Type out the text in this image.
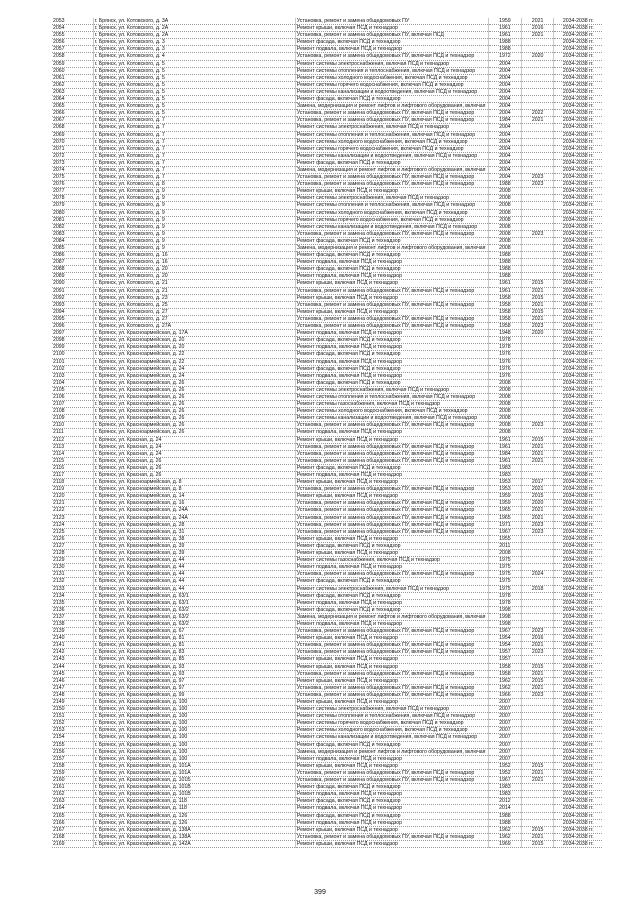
2053	г. Брянск, ул. Котовского, д. 3А	Установка, ремонт и замена общедомовых ПУ	1959	2021	2034-2038 гг.
2054	г. Брянск, ул. Котовского, д. 2А	Ремонт крыши, включая ПСД и технадзор	1961	2016	2034-2038 гг.
2055	г. Брянск, ул. Котовского, д. 2А	Установка, ремонт и замена общедомовых ПУ, включая ПСД	1961	2021	2034-2038 гг.
2056	г. Брянск, ул. Котовского, д. 3	Ремонт фасада, включая ПСД и технадзор	1988		2034-2038 гг.
2057	г. Брянск, ул. Котовского, д. 3	Ремонт подвала, включая ПСД и технадзор	1988		2034-2038 гг.
2058	г. Брянск, ул. Котовского, д. 4	Установка, ремонт и замена общедомовых ПУ, включая ПСД и технадзор	1972	2020	2034-2038 гг.
2059	г. Брянск, ул. Котовского, д. 5	Ремонт системы электроснабжения, включая ПСД и технадзор	2004		2034-2038 гг.
2060	г. Брянск, ул. Котовского, д. 5	Ремонт системы отопления и теплоснабжения, включая ПСД и технадзор	2004		2034-2038 гг.
2061	г. Брянск, ул. Котовского, д. 5	Ремонт системы холодного водоснабжения, включая ПСД и технадзор	2004		2034-2038 гг.
2062	г. Брянск, ул. Котовского, д. 5	Ремонт системы горячего водоснабжения, включая ПСД и технадзор	2004		2034-2038 гг.
2063	г. Брянск, ул. Котовского, д. 5	Ремонт системы канализации и водоотведения, включая ПСД и технадзор	2004		2034-2038 гг.
2064	г. Брянск, ул. Котовского, д. 5	Ремонт фасада, включая ПСД и технадзор	2004		2034-2038 гг.
2065	г. Брянск, ул. Котовского, д. 5	Замена, модернизация и ремонт лифтов и лифтового оборудования, включая	2004		2034-2038 гг.
2066	г. Брянск, ул. Котовского, д. 5	Установка, ремонт и замена общедомовых ПУ, включая ПСД и технадзор	2004	2022	2034-2038 гг.
2067	г. Брянск, ул. Котовского, д. 7	Установка, ремонт и замена общедомовых ПУ, включая ПСД и технадзор	1984	2021	2034-2038 гг.
2068	г. Брянск, ул. Котовского, д. 7	Ремонт системы электроснабжения, включая ПСД и технадзор	2004		2034-2038 гг.
2069	г. Брянск, ул. Котовского, д. 7	Ремонт системы отопления и теплоснабжения, включая ПСД и технадзор	2004		2034-2038 гг.
2070	г. Брянск, ул. Котовского, д. 7	Ремонт системы холодного водоснабжения, включая ПСД и технадзор	2004		2034-2038 гг.
2071	г. Брянск, ул. Котовского, д. 7	Ремонт системы горячего водоснабжения, включая ПСД и технадзор	2004		2034-2038 гг.
2072	г. Брянск, ул. Котовского, д. 7	Ремонт системы канализации и водоотведения, включая ПСД и технадзор	2004		2034-2038 гг.
2073	г. Брянск, ул. Котовского, д. 7	Ремонт фасада, включая ПСД и технадзор	2004		2034-2038 гг.
2074	г. Брянск, ул. Котовского, д. 7	Замена, модернизация и ремонт лифтов и лифтового оборудования, включая	2004		2034-2038 гг.
2075	г. Брянск, ул. Котовского, д. 7	Установка, ремонт и замена общедомовых ПУ, включая ПСД и технадзор	2004	2023	2034-2038 гг.
2076	г. Брянск, ул. Котовского, д. 8	Установка, ремонт и замена общедомовых ПУ, включая ПСД и технадзор	1988	2023	2034-2038 гг.
2077	г. Брянск, ул. Котовского, д. 9	Ремонт крыши, включая ПСД и технадзор	2008		2034-2038 гг.
2078	г. Брянск, ул. Котовского, д. 9	Ремонт системы электроснабжения, включая ПСД и технадзор	2008		2034-2038 гг.
2079	г. Брянск, ул. Котовского, д. 9	Ремонт системы отопления и теплоснабжения, включая ПСД и технадзор	2008		2034-2038 гг.
2080	г. Брянск, ул. Котовского, д. 9	Ремонт системы холодного водоснабжения, включая ПСД и технадзор	2008		2034-2038 гг.
2081	г. Брянск, ул. Котовского, д. 9	Ремонт системы горячего водоснабжения, включая ПСД и технадзор	2008		2034-2038 гг.
2082	г. Брянск, ул. Котовского, д. 9	Ремонт системы канализации и водоотведения, включая ПСД и технадзор	2008		2034-2038 гг.
2083	г. Брянск, ул. Котовского, д. 9	Установка, ремонт и замена общедомовых ПУ, включая ПСД и технадзор	2008	2023	2034-2038 гг.
2084	г. Брянск, ул. Котовского, д. 9	Ремонт фасада, включая ПСД и технадзор	2008		2034-2038 гг.
2085	г. Брянск, ул. Котовского, д. 9	Замена, модернизация и ремонт лифтов и лифтового оборудования, включая	2008		2034-2038 гг.
2086	г. Брянск, ул. Котовского, д. 16	Ремонт фасада, включая ПСД и технадзор	1988		2034-2038 гг.
2087	г. Брянск, ул. Котовского, д. 16	Ремонт подвала, включая ПСД и технадзор	1988		2034-2038 гг.
2088	г. Брянск, ул. Котовского, д. 20	Ремонт фасада, включая ПСД и технадзор	1988		2034-2038 гг.
2089	г. Брянск, ул. Котовского, д. 20	Ремонт подвала, включая ПСД и технадзор	1988		2034-2038 гг.
2090	г. Брянск, ул. Котовского, д. 21	Ремонт крыши, включая ПСД и технадзор	1961	2015	2034-2038 гг.
2091	г. Брянск, ул. Котовского, д. 21	Установка, ремонт и замена общедомовых ПУ, включая ПСД и технадзор	1961	2021	2034-2038 гг.
2092	г. Брянск, ул. Котовского, д. 23	Ремонт крыши, включая ПСД и технадзор	1958	2015	2034-2038 гг.
2093	г. Брянск, ул. Котовского, д. 25	Установка, ремонт и замена общедомовых ПУ, включая ПСД и технадзор	1958	2021	2034-2038 гг.
2094	г. Брянск, ул. Котовского, д. 27	Ремонт крыши, включая ПСД и технадзор	1958	2015	2034-2038 гг.
2095	г. Брянск, ул. Котовского, д. 27	Установка, ремонт и замена общедомовых ПУ, включая ПСД и технадзор	1958	2021	2034-2038 гг.
2096	г. Брянск, ул. Котовского, д. 27А	Установка, ремонт и замена общедомовых ПУ, включая ПСД и технадзор	1958	2023	2034-2038 гг.
2097	г. Брянск, ул. Красноармейская, д. 17А	Ремонт подвала, включая ПСД и технадзор	1948	2020	2034-2038 гг.
2098	г. Брянск, ул. Красноармейская, д. 20	Ремонт фасада, включая ПСД и технадзор	1978		2034-2038 гг.
2099	г. Брянск, ул. Красноармейская, д. 20	Ремонт подвала, включая ПСД и технадзор	1978		2034-2038 гг.
2100	г. Брянск, ул. Красноармейская, д. 22	Ремонт фасада, включая ПСД и технадзор	1976		2034-2038 гг.
2101	г. Брянск, ул. Красноармейская, д. 22	Ремонт подвала, включая ПСД и технадзор	1976		2034-2038 гг.
2102	г. Брянск, ул. Красноармейская, д. 24	Ремонт фасада, включая ПСД и технадзор	1976		2034-2038 гг.
2103	г. Брянск, ул. Красноармейская, д. 24	Ремонт подвала, включая ПСД и технадзор	1976		2034-2038 гг.
2104	г. Брянск, ул. Красноармейская, д. 26	Ремонт фасада, включая ПСД и технадзор	2008		2034-2038 гг.
2105	г. Брянск, ул. Красноармейская, д. 26	Ремонт системы электроснабжения, включая ПСД и технадзор	2008		2034-2038 гг.
2106	г. Брянск, ул. Красноармейская, д. 26	Ремонт системы отопления и теплоснабжения, включая ПСД и технадзор	2008		2034-2038 гг.
2107	г. Брянск, ул. Красноармейская, д. 26	Ремонт системы газоснабжения, включая ПСД и технадзор	2008		2034-2038 гг.
2108	г. Брянск, ул. Красноармейская, д. 26	Ремонт системы холодного водоснабжения, включая ПСД и технадзор	2008		2034-2038 гг.
2109	г. Брянск, ул. Красноармейская, д. 26	Ремонт системы канализации и водоотведения, включая ПСД и технадзор	2008		2034-2038 гг.
2110	г. Брянск, ул. Красноармейская, д. 26	Установка, ремонт и замена общедомовых ПУ, включая ПСД и технадзор	2008	2023	2034-2038 гг.
2111	г. Брянск, ул. Красноармейская, д. 26	Ремонт подвала, включая ПСД и технадзор	2008		2034-2038 гг.
2112	г. Брянск, ул. Красная, д. 24	Ремонт крыши, включая ПСД и технадзор	1961	2015	2034-2038 гг.
2113	г. Брянск, ул. Красная, д. 24	Установка, ремонт и замена общедомовых ПУ, включая ПСД и технадзор	1961	2021	2034-2038 гг.
2114	г. Брянск, ул. Красная, д. 24	Установка, ремонт и замена общедомовых ПУ, включая ПСД и технадзор	1984	2021	2034-2038 гг.
2115	г. Брянск, ул. Красная, д. 26	Установка, ремонт и замена общедомовых ПУ, включая ПСД и технадзор	1961	2021	2034-2038 гг.
2116	г. Брянск, ул. Красная, д. 26	Ремонт фасада, включая ПСД и технадзор	1983		2034-2038 гг.
2117	г. Брянск, ул. Красная, д. 26	Ремонт подвала, включая ПСД и технадзор	1983		2034-2038 гг.
2118	г. Брянск, ул. Красноармейская, д. 8	Ремонт крыши, включая ПСД и технадзор	1953	2017	2034-2038 гг.
2119	г. Брянск, ул. Красноармейская, д. 8	Установка, ремонт и замена общедомовых ПУ, включая ПСД и технадзор	1953	2021	2034-2038 гг.
2120	г. Брянск, ул. Красноармейская, д. 14	Ремонт крыши, включая ПСД и технадзор	1959	2015	2034-2038 гг.
2121	г. Брянск, ул. Красноармейская, д. 16	Установка, ремонт и замена общедомовых ПУ, включая ПСД и технадзор	1959	2020	2034-2038 гг.
2122	г. Брянск, ул. Красноармейская, д. 24А	Установка, ремонт и замена общедомовых ПУ, включая ПСД и технадзор	1965	2021	2034-2038 гг.
2123	г. Брянск, ул. Красноармейская, д. 24А	Установка, ремонт и замена общедомовых ПУ, включая ПСД и технадзор	1965	2021	2034-2038 гг.
2124	г. Брянск, ул. Красноармейская, д. 28	Установка, ремонт и замена общедомовых ПУ, включая ПСД и технадзор	1971	2023	2034-2038 гг.
2125	г. Брянск, ул. Красноармейская, д. 31	Установка, ремонт и замена общедомовых ПУ, включая ПСД и технадзор	1967	2023	2034-2038 гг.
2126	г. Брянск, ул. Красноармейская, д. 38	Ремонт крыши, включая ПСД и технадзор	1955		2034-2038 гг.
2127	г. Брянск, ул. Красноармейская, д. 39	Ремонт фасада, включая ПСД и технадзор	2011		2034-2038 гг.
2128	г. Брянск, ул. Красноармейская, д. 39	Ремонт крыши, включая ПСД и технадзор	2008		2034-2038 гг.
2129	г. Брянск, ул. Красноармейская, д. 44	Ремонт системы газоснабжения, включая ПСД и технадзор	1975		2034-2038 гг.
2130	г. Брянск, ул. Красноармейская, д. 44	Ремонт подвала, включая ПСД и технадзор	1975		2034-2038 гг.
2131	г. Брянск, ул. Красноармейская, д. 44	Установка, ремонт и замена общедомовых ПУ, включая ПСД и технадзор	1975	2024	2034-2038 гг.
2132	г. Брянск, ул. Красноармейская, д. 44	Ремонт фасада, включая ПСД и технадзор	1975		2034-2038 гг.
2133	г. Брянск, ул. Красноармейская, д. 44	Ремонт системы электроснабжения, включая ПСД и технадзор	1975	2018	2034-2038 гг.
2134	г. Брянск, ул. Красноармейская, д. 63/1	Ремонт фасада, включая ПСД и технадзор	1978		2034-2038 гг.
2135	г. Брянск, ул. Красноармейская, д. 63/1	Ремонт подвала, включая ПСД и технадзор	1978		2034-2038 гг.
2136	г. Брянск, ул. Красноармейская, д. 63/2	Ремонт фасада, включая ПСД и технадзор	1998		2034-2038 гг.
2137	г. Брянск, ул. Красноармейская, д. 63/2	Замена, модернизация и ремонт лифтов и лифтового оборудования, включая	1998		2034-2038 гг.
2138	г. Брянск, ул. Красноармейская, д. 63/2	Ремонт подвала, включая ПСД и технадзор	1998		2034-2038 гг.
2139	г. Брянск, ул. Красноармейская, д. 67	Установка, ремонт и замена общедомовых ПУ, включая ПСД и технадзор	1967	2023	2034-2038 гг.
2140	г. Брянск, ул. Красноармейская, д. 81	Ремонт крыши, включая ПСД и технадзор	1954	2016	2034-2038 гг.
2141	г. Брянск, ул. Красноармейская, д. 81	Установка, ремонт и замена общедомовых ПУ, включая ПСД и технадзор	1954	2021	2034-2038 гг.
2142	г. Брянск, ул. Красноармейская, д. 83	Установка, ремонт и замена общедомовых ПУ, включая ПСД и технадзор	1957	2023	2034-2038 гг.
2143	г. Брянск, ул. Красноармейская, д. 85	Ремонт крыши, включая ПСД и технадзор	1957		2034-2038 гг.
2144	г. Брянск, ул. Красноармейская, д. 93	Ремонт крыши, включая ПСД и технадзор	1958	2015	2034-2038 гг.
2145	г. Брянск, ул. Красноармейская, д. 93	Установка, ремонт и замена общедомовых ПУ, включая ПСД и технадзор	1958	2021	2034-2038 гг.
2146	г. Брянск, ул. Красноармейская, д. 97	Ремонт крыши, включая ПСД и технадзор	1962	2015	2034-2038 гг.
2147	г. Брянск, ул. Красноармейская, д. 97	Установка, ремонт и замена общедомовых ПУ, включая ПСД и технадзор	1962	2021	2034-2038 гг.
2148	г. Брянск, ул. Красноармейская, д. 99	Установка, ремонт и замена общедомовых ПУ, включая ПСД и технадзор	1966	2023	2034-2038 гг.
2149	г. Брянск, ул. Красноармейская, д. 100	Ремонт крыши, включая ПСД и технадзор	2007		2034-2038 гг.
2150	г. Брянск, ул. Красноармейская, д. 100	Ремонт системы электроснабжения, включая ПСД и технадзор	2007		2034-2038 гг.
2151	г. Брянск, ул. Красноармейская, д. 100	Ремонт системы отопления и теплоснабжения, включая ПСД и технадзор	2007		2034-2038 гг.
2152	г. Брянск, ул. Красноармейская, д. 100	Ремонт системы горячего водоснабжения, включая ПСД и технадзор	2007		2034-2038 гг.
2153	г. Брянск, ул. Красноармейская, д. 100	Ремонт системы холодного водоснабжения, включая ПСД и технадзор	2007		2034-2038 гг.
2154	г. Брянск, ул. Красноармейская, д. 100	Ремонт системы канализации и водоотведения, включая ПСД и технадзор	2007		2034-2038 гг.
2155	г. Брянск, ул. Красноармейская, д. 100	Ремонт фасада, включая ПСД и технадзор	2007		2034-2038 гг.
2156	г. Брянск, ул. Красноармейская, д. 100	Замена, модернизация и ремонт лифтов и лифтового оборудования, включая	2007		2034-2038 гг.
2157	г. Брянск, ул. Красноармейская, д. 100	Ремонт подвала, включая ПСД и технадзор	2007		2034-2038 гг.
2158	г. Брянск, ул. Красноармейская, д. 101А	Ремонт крыши, включая ПСД и технадзор	1952	2015	2034-2038 гг.
2159	г. Брянск, ул. Красноармейская, д. 101А	Установка, ремонт и замена общедомовых ПУ, включая ПСД и технадзор	1952	2021	2034-2038 гг.
2160	г. Брянск, ул. Красноармейская, д. 101Б	Установка, ремонт и замена общедомовых ПУ, включая ПСД и технадзор	1967	2021	2034-2038 гг.
2161	г. Брянск, ул. Красноармейская, д. 101В	Ремонт фасада, включая ПСД и технадзор	1983		2034-2038 гг.
2162	г. Брянск, ул. Красноармейская, д. 101В	Ремонт подвала, включая ПСД и технадзор	1983		2034-2038 гг.
2163	г. Брянск, ул. Красноармейская, д. 118	Ремонт фасада, включая ПСД и технадзор	2012		2034-2038 гг.
2164	г. Брянск, ул. Красноармейская, д. 118	Ремонт подвала, включая ПСД и технадзор	2014		2034-2038 гг.
2165	г. Брянск, ул. Красноармейская, д. 126	Ремонт фасада, включая ПСД и технадзор	1988		2034-2038 гг.
2166	г. Брянск, ул. Красноармейская, д. 126	Ремонт подвала, включая ПСД и технадзор	1988		2034-2038 гг.
2167	г. Брянск, ул. Красноармейская, д. 138А	Ремонт крыши, включая ПСД и технадзор	1962	2015	2034-2038 гг.
2168	г. Брянск, ул. Красноармейская, д. 138А	Установка, ремонт и замена общедомовых ПУ, включая ПСД и технадзор	1962	2021	2034-2038 гг.
2169	г. Брянск, ул. Красноармейская, д. 142А	Ремонт крыши, включая ПСД и технадзор	1969	2015	2034-2038 гг.
399
